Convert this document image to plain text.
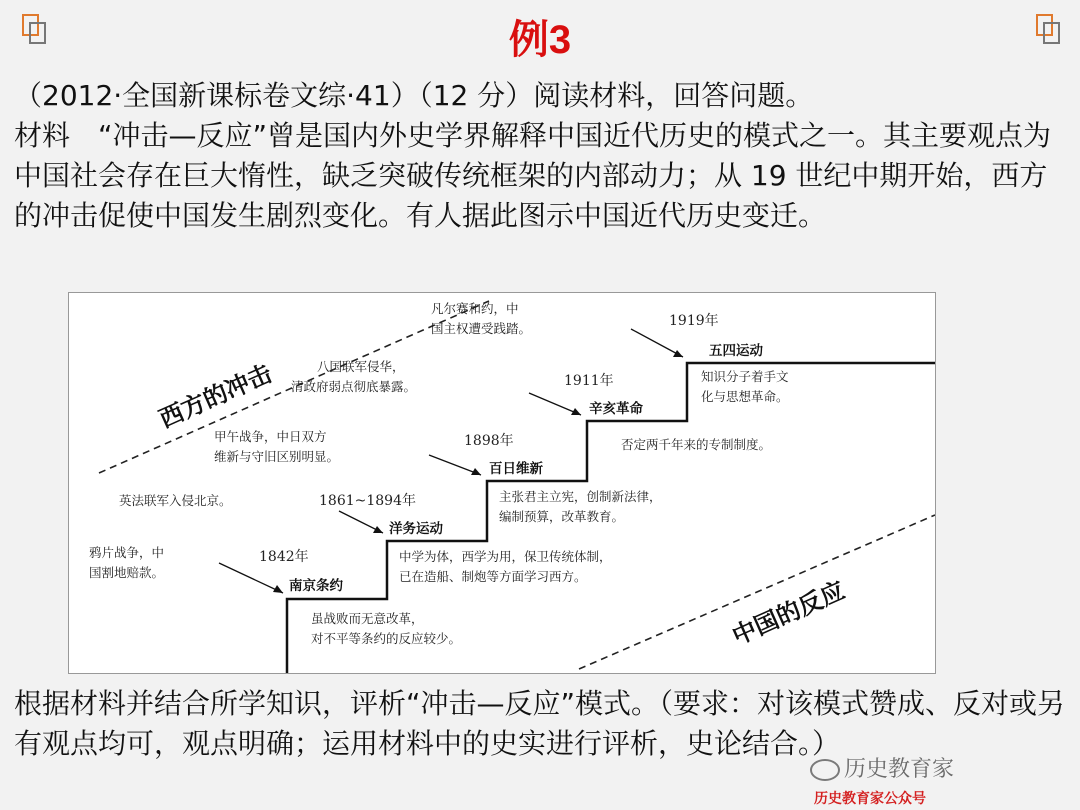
例3

（2012·全国新课标卷文综·41）（12 分）阅读材料，回答问题。

材料　“冲击—反应”曾是国内外史学界解释中国近代历史的模式之一。其主要观点为中国社会存在巨大惰性，缺乏突破传统框架的内部动力；从 19 世纪中期开始，西方的冲击促使中国发生剧烈变化。有人据此图示中国近代历史变迁。

西方的冲击
中国的反应
鸦片战争，中
国割地赔款。
1842年
南京条约
虽战败而无意改革，
对不平等条约的反应较少。
英法联军入侵北京。	1861~1894年
洋务运动
中学为体，西学为用，保卫传统体制，
已在造船、制炮等方面学习西方。
甲午战争，中日双方
维新与守旧区别明显。
1898年
百日维新
主张君主立宪，创制新法律，
编制预算，改革教育。
八国联军侵华，
清政府弱点彻底暴露。	1911年
辛亥革命
否定两千年来的专制制度。
凡尔赛和约，中
国主权遭受践踏。	1919年
五四运动
知识分子着手文
化与思想革命。

根据材料并结合所学知识，评析“冲击—反应”模式。（要求：对该模式赞成、反对或另有观点均可，观点明确；运用材料中的史实进行评析，史论结合。）

历史教育家
历史教育家公众号
